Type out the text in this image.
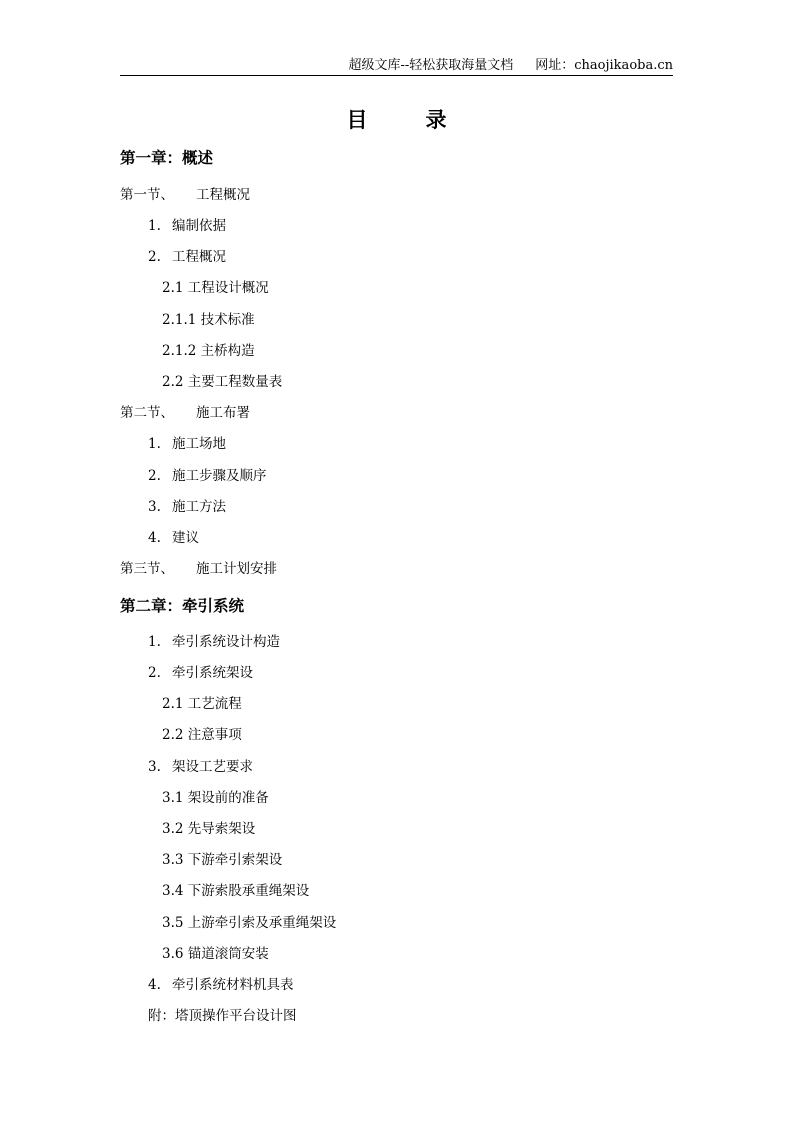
超级文库--轻松获取海量文档 网址：chaojikaoba.cn
目	录
第一章：概述
第一节、 工程概况
1. 编制依据
2. 工程概况
2.1 工程设计概况
2.1.1 技术标准
2.1.2 主桥构造
2.2 主要工程数量表
第二节、 施工布署
1. 施工场地
2. 施工步骤及顺序
3. 施工方法
4. 建议
第三节、 施工计划安排
第二章：牵引系统
1. 牵引系统设计构造
2. 牵引系统架设
2.1 工艺流程
2.2 注意事项
3. 架设工艺要求
3.1 架设前的准备
3.2 先导索架设
3.3 下游牵引索架设
3.4 下游索股承重绳架设
3.5 上游牵引索及承重绳架设
3.6 锚道滚筒安装
4. 牵引系统材料机具表
附：塔顶操作平台设计图
